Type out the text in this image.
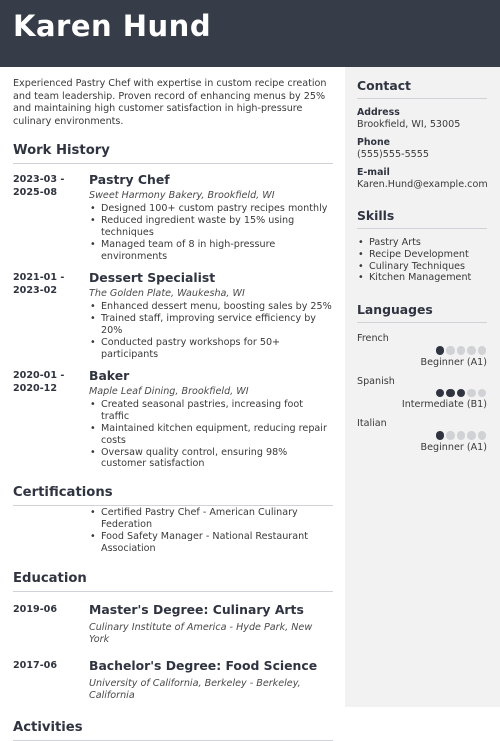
Karen Hund

Experienced Pastry Chef with expertise in custom recipe creation and team leadership. Proven record of enhancing menus by 25% and maintaining high customer satisfaction in high-pressure culinary environments.

Work History
2023-03 -
2025-08
Pastry Chef
Sweet Harmony Bakery, Brookfield, WI
• Designed 100+ custom pastry recipes monthly
• Reduced ingredient waste by 15% using techniques
• Managed team of 8 in high-pressure environments
2021-01 -
2023-02
Dessert Specialist
The Golden Plate, Waukesha, WI
• Enhanced dessert menu, boosting sales by 25%
• Trained staff, improving service efficiency by 20%
• Conducted pastry workshops for 50+ participants
2020-01 -
2020-12
Baker
Maple Leaf Dining, Brookfield, WI
• Created seasonal pastries, increasing foot traffic
• Maintained kitchen equipment, reducing repair costs
• Oversaw quality control, ensuring 98% customer satisfaction
Certifications
• Certified Pastry Chef - American Culinary Federation
• Food Safety Manager - National Restaurant Association
Education
2019-06	Master's Degree: Culinary Arts
Culinary Institute of America - Hyde Park, New York
2017-06	Bachelor's Degree: Food Science
University of California, Berkeley - Berkeley, California
Activities
Contact
Address
Brookfield, WI, 53005
Phone
(555)555-5555
E-mail
Karen.Hund@example.com
Skills
• Pastry Arts
• Recipe Development
• Culinary Techniques
• Kitchen Management
Languages
French
Beginner (A1)
Spanish
Intermediate (B1)
Italian
Beginner (A1)
